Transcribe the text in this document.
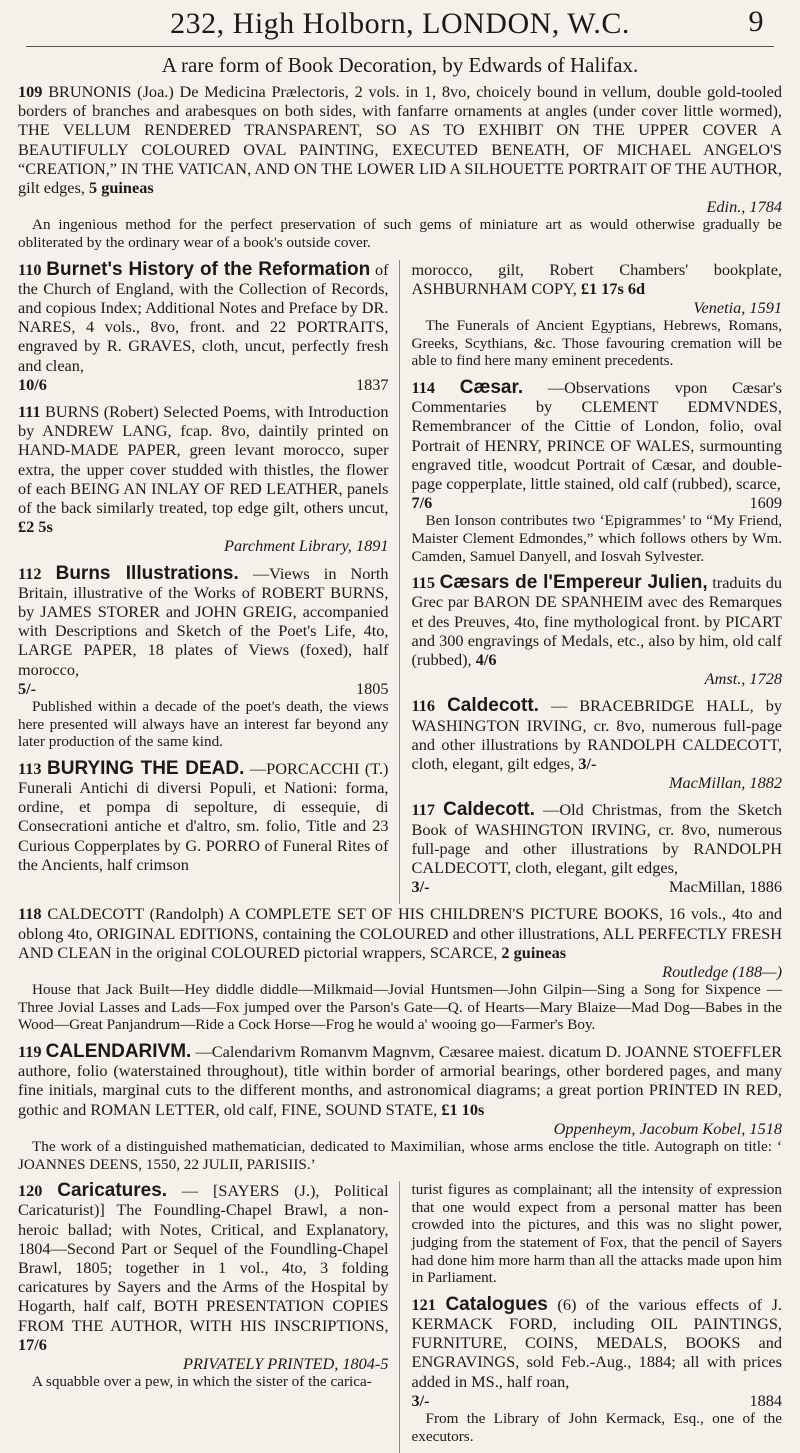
232, High Holborn, LONDON, W.C.	9
A rare form of Book Decoration, by Edwards of Halifax.

109 BRUNONIS (Joa.) De Medicina Prælectoris, 2 vols. in 1, 8vo, choicely bound in vellum, double gold-tooled borders of branches and arabesques on both sides, with fanfarre ornaments at angles (under cover little wormed), THE VELLUM RENDERED TRANSPARENT, SO AS TO EXHIBIT ON THE UPPER COVER A BEAUTIFULLY COLOURED OVAL PAINTING, EXECUTED BENEATH, OF MICHAEL ANGELO'S “CREATION,” IN THE VATICAN, AND ON THE LOWER LID A SILHOUETTE PORTRAIT OF THE AUTHOR, gilt edges, 5 guineas

Edin., 1784

An ingenious method for the perfect preservation of such gems of miniature art as would otherwise gradually be obliterated by the ordinary wear of a book's outside cover.

110 Burnet's History of the Reformation of the Church of England, with the Collection of Records, and copious Index; Additional Notes and Preface by DR. NARES, 4 vols., 8vo, front. and 22 PORTRAITS, engraved by R. GRAVES, cloth, uncut, perfectly fresh and clean,

10/6	1837

111 BURNS (Robert) Selected Poems, with Introduction by ANDREW LANG, fcap. 8vo, daintily printed on HAND-MADE PAPER, green levant morocco, super extra, the upper cover studded with thistles, the flower of each BEING AN INLAY OF RED LEATHER, panels of the back similarly treated, top edge gilt, others uncut, £2 5s

Parchment Library, 1891

112 Burns Illustrations. —Views in North Britain, illustrative of the Works of ROBERT BURNS, by JAMES STORER and JOHN GREIG, accompanied with Descriptions and Sketch of the Poet's Life, 4to, LARGE PAPER, 18 plates of Views (foxed), half morocco,

5/-	1805

Published within a decade of the poet's death, the views here presented will always have an interest far beyond any later production of the same kind.

113 BURYING THE DEAD. —PORCACCHI (T.) Funerali Antichi di diversi Populi, et Nationi: forma, ordine, et pompa di sepolture, di essequie, di Consecrationi antiche et d'altro, sm. folio, Title and 23 Curious Copperplates by G. PORRO of Funeral Rites of the Ancients, half crimson

morocco, gilt, Robert Chambers' bookplate, ASHBURNHAM COPY, £1 17s 6d

Venetia, 1591

The Funerals of Ancient Egyptians, Hebrews, Romans, Greeks, Scythians, &c. Those favouring cremation will be able to find here many eminent precedents.

114 Cæsar. —Observations vpon Cæsar's Commentaries by CLEMENT EDMVNDES, Remembrancer of the Cittie of London, folio, oval Portrait of HENRY, PRINCE OF WALES, surmounting engraved title, woodcut Portrait of Cæsar, and double-page copperplate, little stained, old calf (rubbed), scarce,

7/6	1609

Ben Ionson contributes two ‘Epigrammes’ to “My Friend, Maister Clement Edmondes,” which follows others by Wm. Camden, Samuel Danyell, and Iosvah Sylvester.

115 Cæsars de l'Empereur Julien, traduits du Grec par BARON DE SPANHEIM avec des Remarques et des Preuves, 4to, fine mythological front. by PICART and 300 engravings of Medals, etc., also by him, old calf (rubbed), 4/6

Amst., 1728

116 Caldecott. — BRACEBRIDGE HALL, by WASHINGTON IRVING, cr. 8vo, numerous full-page and other illustrations by RANDOLPH CALDECOTT, cloth, elegant, gilt edges, 3/-

MacMillan, 1882

117 Caldecott. —Old Christmas, from the Sketch Book of WASHINGTON IRVING, cr. 8vo, numerous full-page and other illustrations by RANDOLPH CALDECOTT, cloth, elegant, gilt edges,

3/-	MacMillan, 1886

118 CALDECOTT (Randolph) A COMPLETE SET OF HIS CHILDREN'S PICTURE BOOKS, 16 vols., 4to and oblong 4to, ORIGINAL EDITIONS, containing the COLOURED and other illustrations, ALL PERFECTLY FRESH AND CLEAN in the original COLOURED pictorial wrappers, SCARCE, 2 guineas

Routledge (188—)

House that Jack Built—Hey diddle diddle—Milkmaid—Jovial Huntsmen—John Gilpin—Sing a Song for Sixpence —Three Jovial Lasses and Lads—Fox jumped over the Parson's Gate—Q. of Hearts—Mary Blaize—Mad Dog—Babes in the Wood—Great Panjandrum—Ride a Cock Horse—Frog he would a' wooing go—Farmer's Boy.

119 CALENDARIVM. —Calendarivm Romanvm Magnvm, Cæsaree maiest. dicatum D. JOANNE STOEFFLER authore, folio (waterstained throughout), title within border of armorial bearings, other bordered pages, and many fine initials, marginal cuts to the different months, and astronomical diagrams; a great portion PRINTED IN RED, gothic and ROMAN LETTER, old calf, FINE, SOUND STATE, £1 10s

Oppenheym, Jacobum Kobel, 1518

The work of a distinguished mathematician, dedicated to Maximilian, whose arms enclose the title. Autograph on title: ‘ JOANNES DEENS, 1550, 22 JULII, PARISIIS.’

120 Caricatures. — [SAYERS (J.), Political Caricaturist)] The Foundling-Chapel Brawl, a non-heroic ballad; with Notes, Critical, and Explanatory, 1804—Second Part or Sequel of the Foundling-Chapel Brawl, 1805; together in 1 vol., 4to, 3 folding caricatures by Sayers and the Arms of the Hospital by Hogarth, half calf, BOTH PRESENTATION COPIES FROM THE AUTHOR, WITH HIS INSCRIPTIONS, 17/6

PRIVATELY PRINTED, 1804-5

A squabble over a pew, in which the sister of the carica-

turist figures as complainant; all the intensity of expression that one would expect from a personal matter has been crowded into the pictures, and this was no slight power, judging from the statement of Fox, that the pencil of Sayers had done him more harm than all the attacks made upon him in Parliament.

121 Catalogues (6) of the various effects of J. KERMACK FORD, including OIL PAINTINGS, FURNITURE, COINS, MEDALS, BOOKS and ENGRAVINGS, sold Feb.-Aug., 1884; all with prices added in MS., half roan,

3/-	1884

From the Library of John Kermack, Esq., one of the executors.
